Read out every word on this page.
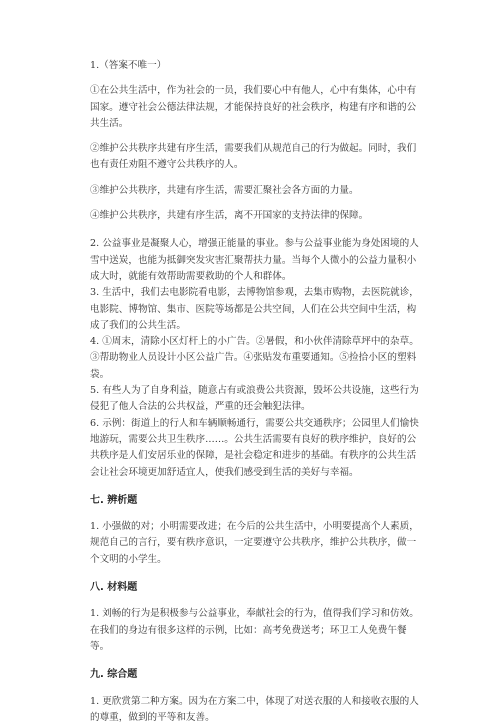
1.（答案不唯一）

①在公共生活中，作为社会的一员，我们要心中有他人，心中有集体，心中有国家。遵守社会公德法律法规，才能保持良好的社会秩序，构建有序和谐的公共生活。

②维护公共秩序共建有序生活，需要我们从规范自己的行为做起。同时，我们也有责任劝阻不遵守公共秩序的人。

③维护公共秩序，共建有序生活，需要汇聚社会各方面的力量。

④维护公共秩序，共建有序生活，离不开国家的支持法律的保障。

2. 公益事业是凝聚人心，增强正能量的事业。参与公益事业能为身处困境的人雪中送炭，也能为抵御突发灾害汇聚帮扶力量。当每个人微小的公益力量积小成大时，就能有效帮助需要救助的个人和群体。

3. 生活中，我们去电影院看电影，去博物馆参观，去集市购物，去医院就诊，电影院、博物馆、集市、医院等场都是公共空间，人们在公共空间中生活，构成了我们的公共生活。

4. ①周末，清除小区灯杆上的小广告。②暑假，和小伙伴清除草坪中的杂草。③帮助物业人员设计小区公益广告。④张贴发布重要通知。⑤捡拾小区的塑料袋。

5. 有些人为了自身利益，随意占有或浪费公共资源，毁坏公共设施，这些行为侵犯了他人合法的公共权益，严重的还会触犯法律。

6. 示例：街道上的行人和车辆顺畅通行，需要公共交通秩序；公园里人们愉快地游玩，需要公共卫生秩序……。公共生活需要有良好的秩序维护，良好的公共秩序是人们安居乐业的保障，是社会稳定和进步的基础。有秩序的公共生活会让社会环境更加舒适宜人，使我们感受到生活的美好与幸福。

七. 辨析题

1. 小强做的对；小明需要改进；在今后的公共生活中，小明要提高个人素质，规范自己的言行，要有秩序意识，一定要遵守公共秩序，维护公共秩序，做一个文明的小学生。

八. 材料题

1. 刘畅的行为是积极参与公益事业，奉献社会的行为，值得我们学习和仿效。在我们的身边有很多这样的示例，比如：高考免费送考；环卫工人免费午餐等。

九. 综合题

1. 更欣赏第二种方案。因为在方案二中，体现了对送衣服的人和接收衣服的人的尊重，做到的平等和友善。
